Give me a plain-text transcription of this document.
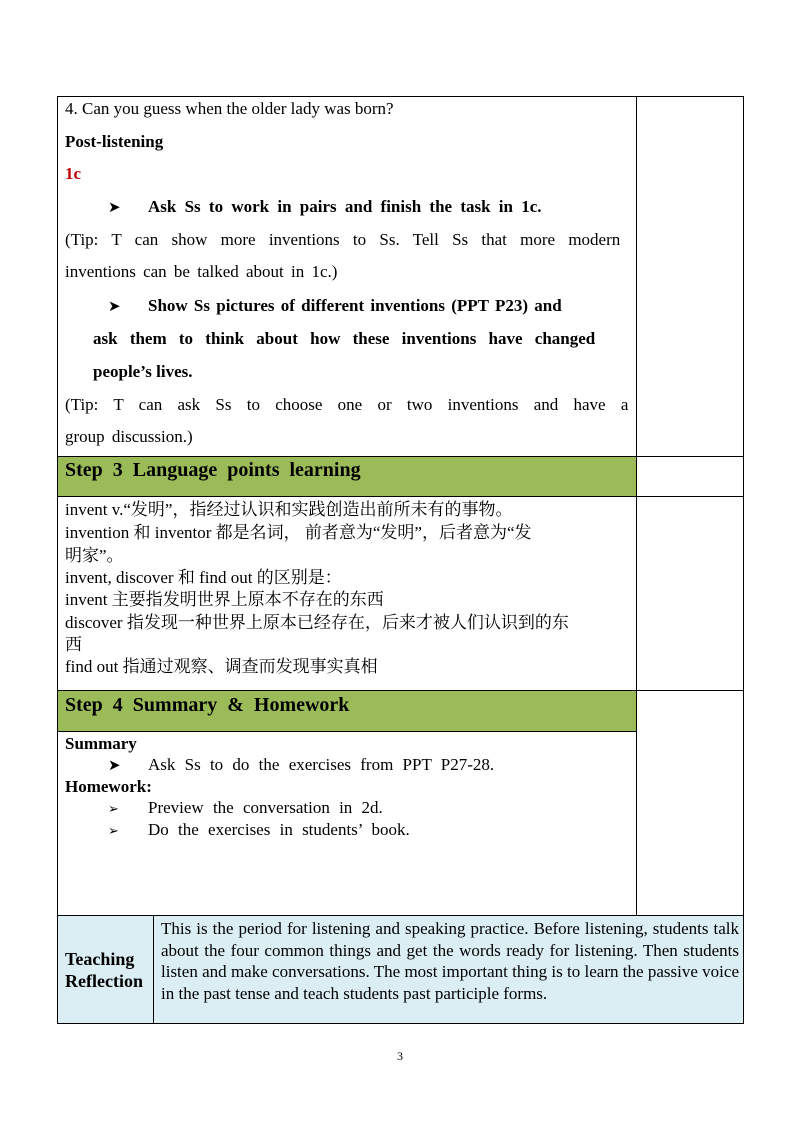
4. Can you guess when the older lady was born?
Post-listening
1c
➤ Ask Ss to work in pairs and finish the task in 1c.
(Tip: T can show more inventions to Ss. Tell Ss that more modern
inventions can be talked about in 1c.)
➤ Show Ss pictures of different inventions (PPT P23) and
ask them to think about how these inventions have changed
people’s lives.
(Tip: T can ask Ss to choose one or two inventions and have a
group discussion.)
Step 3 Language points learning
invent v.“发明”，指经过认识和实践创造出前所未有的事物。
invention 和 inventor 都是名词， 前者意为“发明”，后者意为“发
明家”。
invent, discover 和 find out 的区别是：
invent 主要指发明世界上原本不存在的东西
discover 指发现一种世界上原本已经存在，后来才被人们认识到的东
西
find out 指通过观察、调查而发现事实真相
Step 4 Summary & Homework
Summary
➤ Ask Ss to do the exercises from PPT P27-28.
Homework:
➢ Preview the conversation in 2d.
➢ Do the exercises in students’ book.
Teaching
Reflection
This is the period for listening and speaking practice. Before listening, students talk about the four common things and get the words ready for listening. Then students listen and make conversations. The most important thing is to learn the passive voice in the past tense and teach students past participle forms.
3
